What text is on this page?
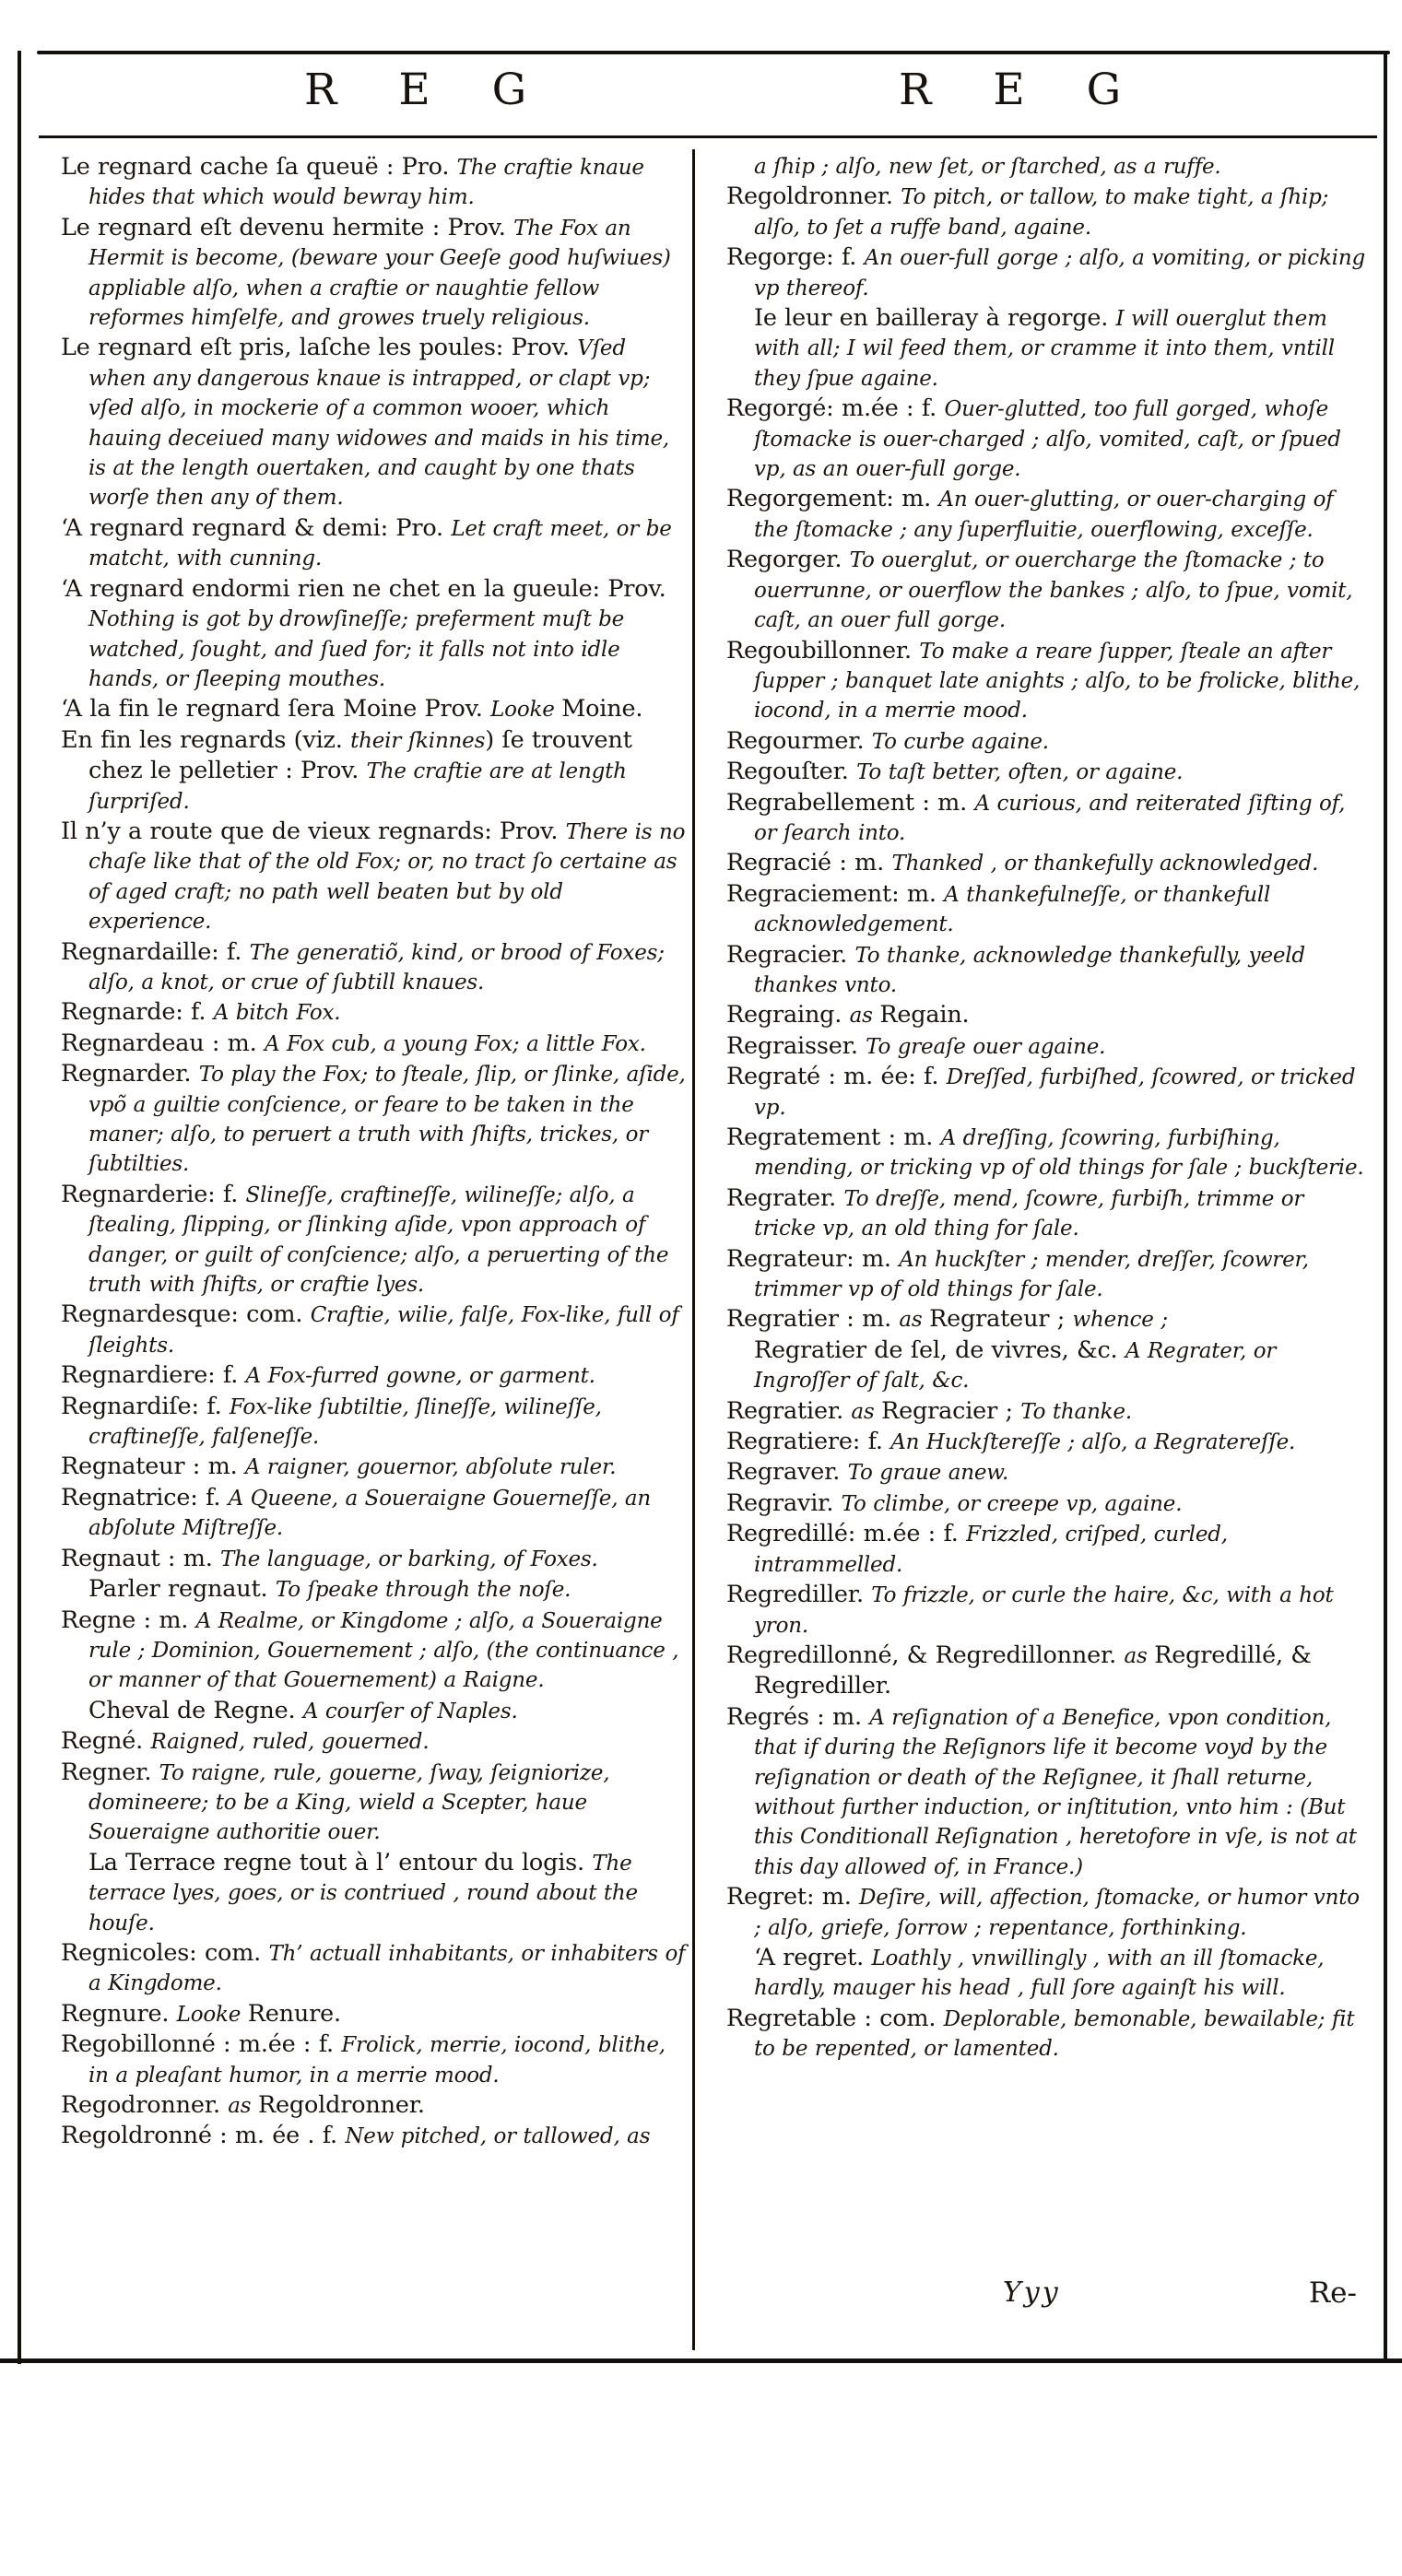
R E G	R E G
Le regnard cache ſa queuë : Pro. The craftie knaue hides that which would bewray him.
Le regnard eſt devenu hermite : Prov. The Fox an Hermit is become, (beware your Geeſe good huſwiues) appliable alſo, when a craftie or naughtie fellow reformes himſelfe, and growes truely religious.
Le regnard eſt pris, laſche les poules: Prov. Vſed when any dangerous knaue is intrapped, or clapt vp; vſed alſo, in mockerie of a common wooer, which hauing deceiued many widowes and maids in his time, is at the length ouertaken, and caught by one thats worſe then any of them.
‘A regnard regnard & demi: Pro. Let craft meet, or be matcht, with cunning.
‘A regnard endormi rien ne chet en la gueule: Prov. Nothing is got by drowſineſſe; preferment muſt be watched, ſought, and ſued for; it falls not into idle hands, or ſleeping mouthes.
‘A la fin le regnard ſera Moine Prov. Looke Moine.
En fin les regnards (viz. their ſkinnes) ſe trouvent chez le pelletier : Prov. The craftie are at length ſurpriſed.
Il n’y a route que de vieux regnards: Prov. There is no chaſe like that of the old Fox; or, no tract ſo certaine as of aged craft; no path well beaten but by old experience.
Regnardaille: f. The generatiõ, kind, or brood of Foxes; alſo, a knot, or crue of ſubtill knaues.
Regnarde: f. A bitch Fox.
Regnardeau : m. A Fox cub, a young Fox; a little Fox.
Regnarder. To play the Fox; to ſteale, ſlip, or ſlinke, aſide, vpõ a guiltie conſcience, or feare to be taken in the maner; alſo, to peruert a truth with ſhifts, trickes, or ſubtilties.
Regnarderie: f. Slineſſe, craftineſſe, wilineſſe; alſo, a ſtealing, ſlipping, or ſlinking aſide, vpon approach of danger, or guilt of conſcience; alſo, a peruerting of the truth with ſhifts, or craftie lyes.
Regnardesque: com. Craftie, wilie, falſe, Fox-like, full of ſleights.
Regnardiere: f. A Fox-furred gowne, or garment.
Regnardiſe: f. Fox-like ſubtiltie, ſlineſſe, wilineſſe, craftineſſe, falſeneſſe.
Regnateur : m. A raigner, gouernor, abſolute ruler.
Regnatrice: f. A Queene, a Soueraigne Gouerneſſe, an abſolute Miſtreſſe.
Regnaut : m. The language, or barking, of Foxes.
Parler regnaut. To ſpeake through the noſe.
Regne : m. A Realme, or Kingdome ; alſo, a Soueraigne rule ; Dominion, Gouernement ; alſo, (the continuance , or manner of that Gouernement) a Raigne.
Cheval de Regne. A courſer of Naples.
Regné. Raigned, ruled, gouerned.
Regner. To raigne, rule, gouerne, ſway, ſeigniorize, domineere; to be a King, wield a Scepter, haue Soueraigne authoritie ouer.
La Terrace regne tout à l’ entour du logis. The terrace lyes, goes, or is contriued , round about the houſe.
Regnicoles: com. Th’ actuall inhabitants, or inhabiters of a Kingdome.
Regnure. Looke Renure.
Regobillonné : m.ée : f. Frolick, merrie, iocond, blithe, in a pleaſant humor, in a merrie mood.
Regodronner. as Regoldronner.
Regoldronné : m. ée . f. New pitched, or tallowed, as
a ſhip ; alſo, new ſet, or ſtarched, as a ruffe.
Regoldronner. To pitch, or tallow, to make tight, a ſhip; alſo, to ſet a ruffe band, againe.
Regorge: f. An ouer-full gorge ; alſo, a vomiting, or picking vp thereof.
Ie leur en bailleray à regorge. I will ouerglut them with all; I wil feed them, or cramme it into them, vntill they ſpue againe.
Regorgé: m.ée : f. Ouer-glutted, too full gorged, whoſe ſtomacke is ouer-charged ; alſo, vomited, caſt, or ſpued vp, as an ouer-full gorge.
Regorgement: m. An ouer-glutting, or ouer-charging of the ſtomacke ; any ſuperfluitie, ouerflowing, exceſſe.
Regorger. To ouerglut, or ouercharge the ſtomacke ; to ouerrunne, or ouerflow the bankes ; alſo, to ſpue, vomit, caſt, an ouer full gorge.
Regoubillonner. To make a reare ſupper, ſteale an after ſupper ; banquet late anights ; alſo, to be frolicke, blithe, iocond, in a merrie mood.
Regourmer. To curbe againe.
Regouſter. To taſt better, often, or againe.
Regrabellement : m. A curious, and reiterated ſifting of, or ſearch into.
Regracié : m. Thanked , or thankefully acknowledged.
Regraciement: m. A thankefulneſſe, or thankefull acknowledgement.
Regracier. To thanke, acknowledge thankefully, yeeld thankes vnto.
Regraing. as Regain.
Regraisser. To greaſe ouer againe.
Regraté : m. ée: f. Dreſſed, furbiſhed, ſcowred, or tricked vp.
Regratement : m. A dreſſing, ſcowring, furbiſhing, mending, or tricking vp of old things for ſale ; buckſterie.
Regrater. To dreſſe, mend, ſcowre, furbiſh, trimme or tricke vp, an old thing for ſale.
Regrateur: m. An huckſter ; mender, dreſſer, ſcowrer, trimmer vp of old things for ſale.
Regratier : m. as Regrateur ; whence ;
Regratier de ſel, de vivres, &c. A Regrater, or Ingroſſer of ſalt, &c.
Regratier. as Regracier ; To thanke.
Regratiere: f. An Huckſtereſſe ; alſo, a Regratereſſe.
Regraver. To graue anew.
Regravir. To climbe, or creepe vp, againe.
Regredillé: m.ée : f. Frizzled, criſped, curled, intrammelled.
Regrediller. To frizzle, or curle the haire, &c, with a hot yron.
Regredillonné, & Regredillonner. as Regredillé, & Regrediller.
Regrés : m. A reſignation of a Benefice, vpon condition, that if during the Reſignors life it become voyd by the reſignation or death of the Reſignee, it ſhall returne, without further induction, or inſtitution, vnto him : (But this Conditionall Reſignation , heretofore in vſe, is not at this day allowed of, in France.)
Regret: m. Deſire, will, affection, ſtomacke, or humor vnto ; alſo, griefe, ſorrow ; repentance, forthinking.
‘A regret. Loathly , vnwillingly , with an ill ſtomacke, hardly, mauger his head , full ſore againſt his will.
Regretable : com. Deplorable, bemonable, bewailable; fit to be repented, or lamented.
Yyy	Re-
